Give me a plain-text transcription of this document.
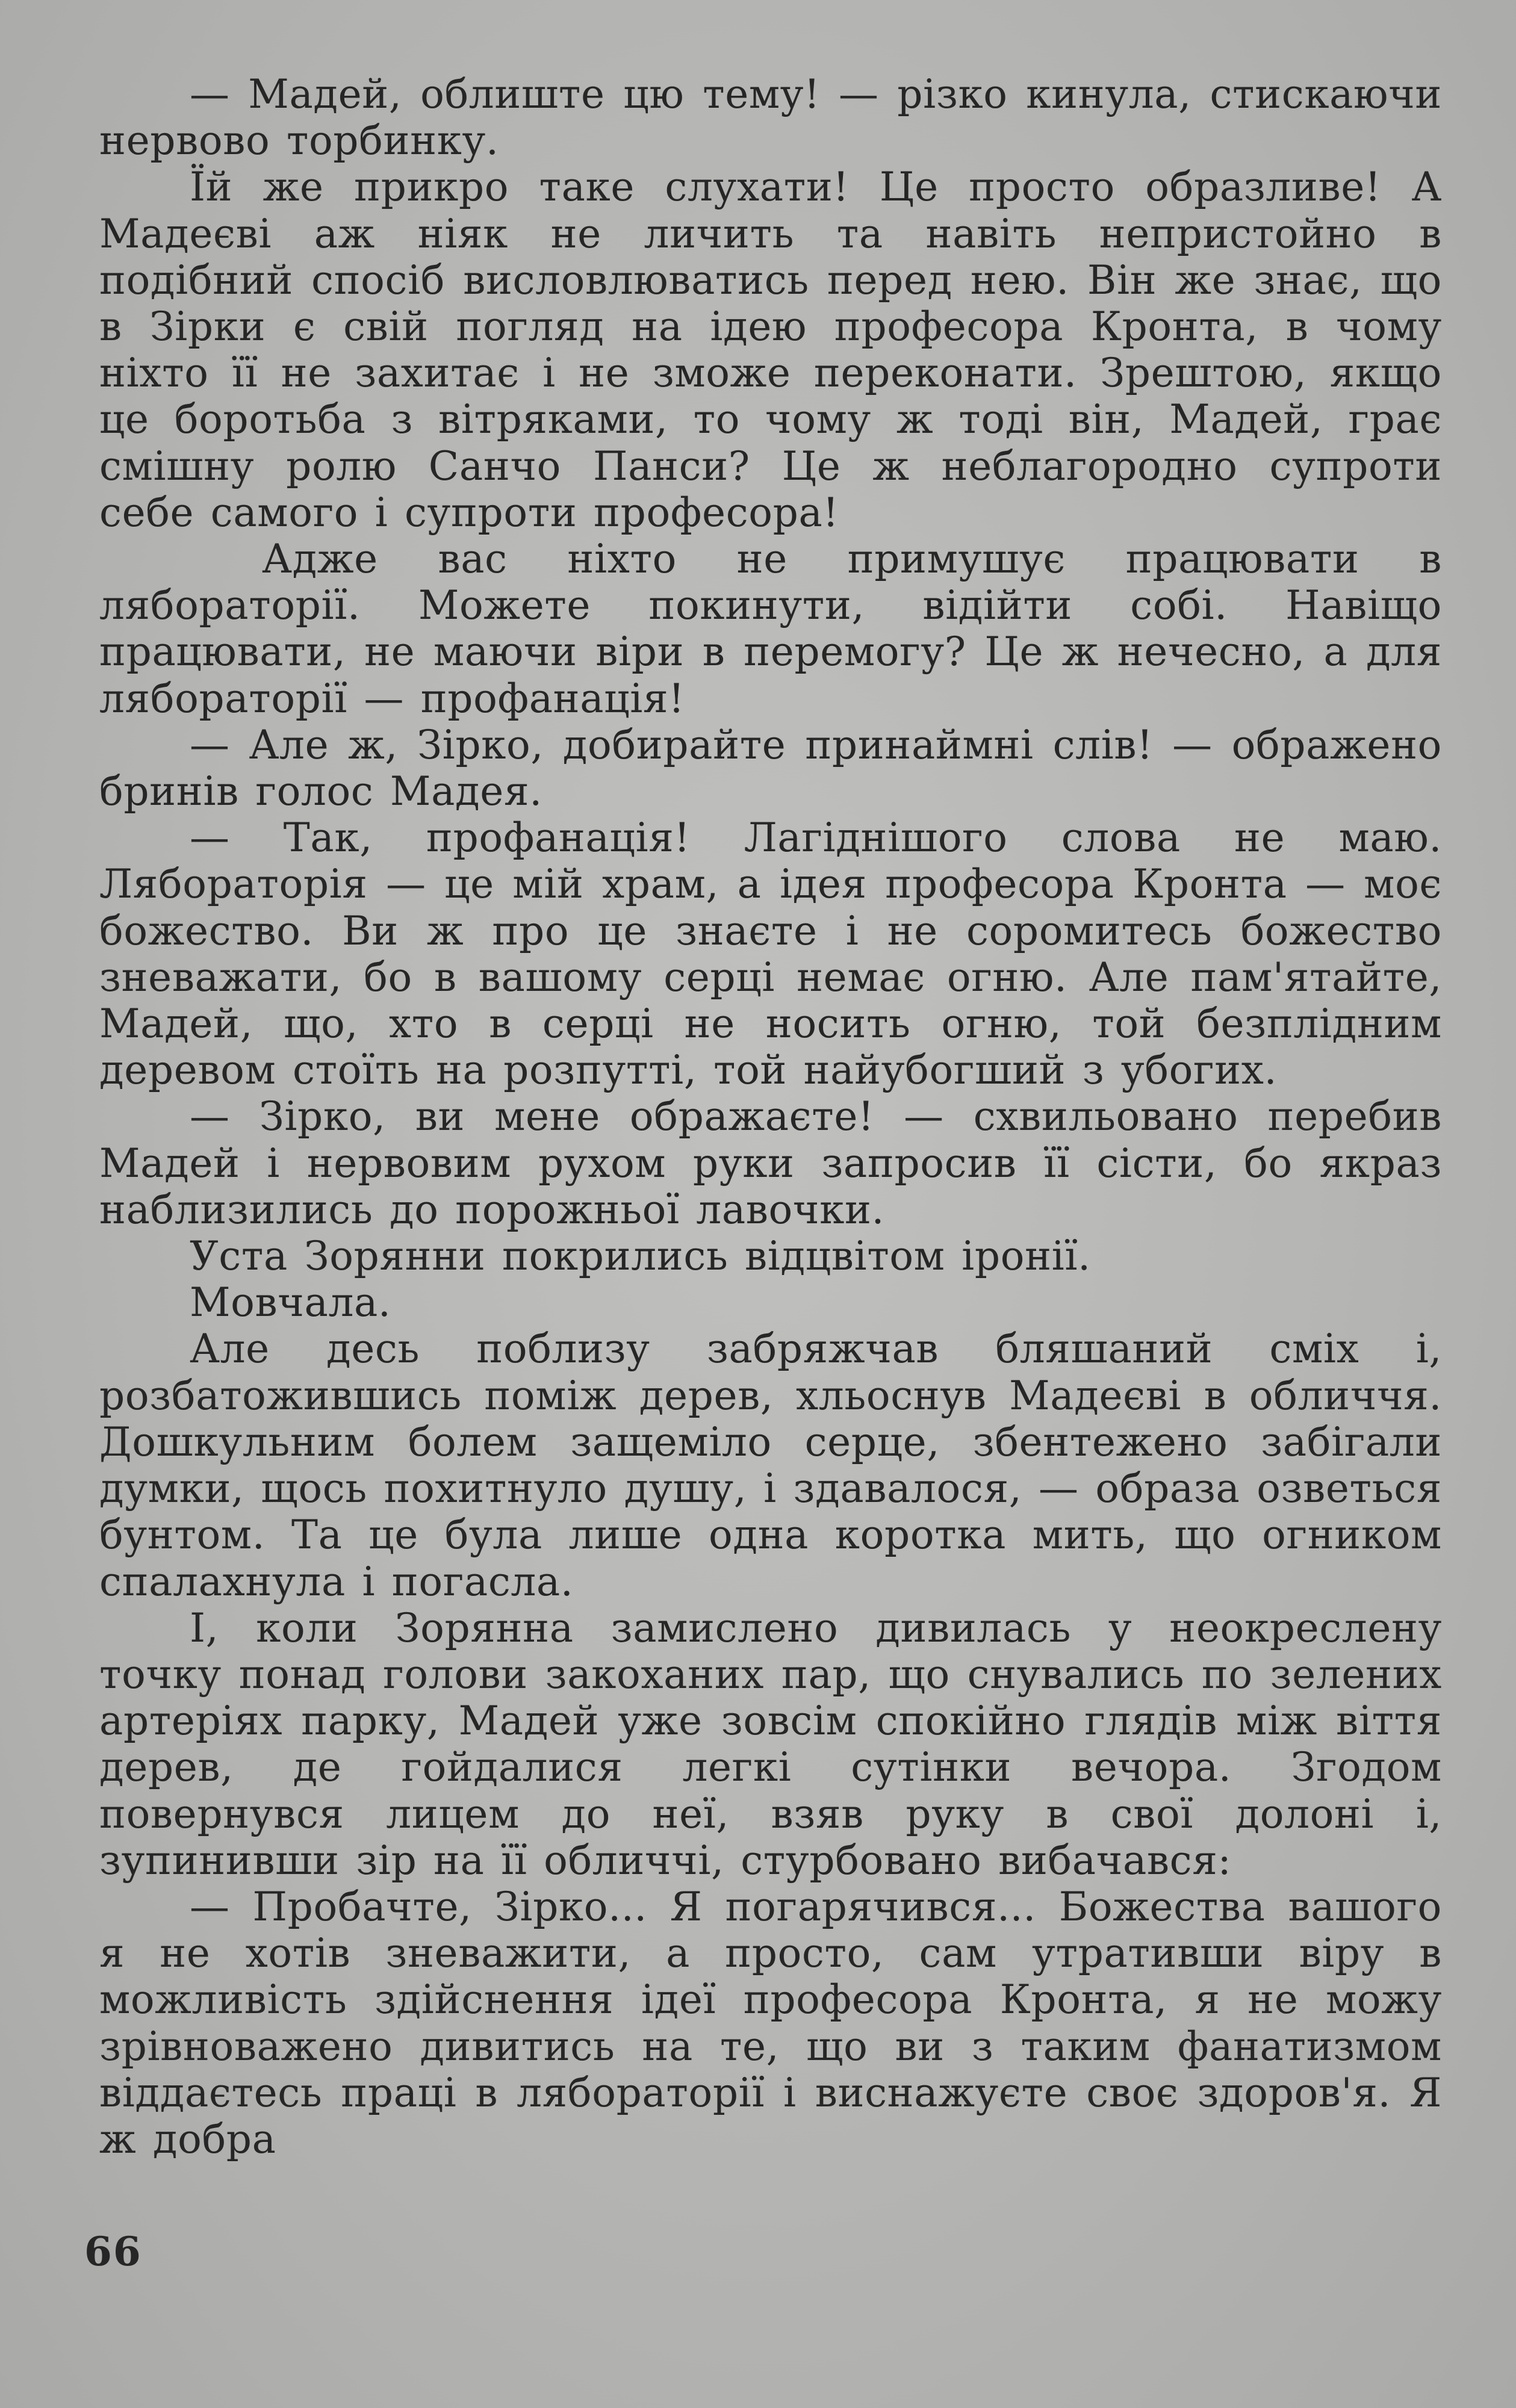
— Мадей, облиште цю тему! — різко кинула, стискаючи нервово торбинку.

Їй же прикро таке слухати! Це просто образливе! А Мадеєві аж ніяк не личить та навіть непристойно в подібний спосіб висловлюватись перед нею. Він же знає, що в Зірки є свій погляд на ідею професора Кронта, в чому ніхто її не захитає і не зможе переконати. Зрештою, якщо це боротьба з вітряками, то чому ж тоді він, Мадей, грає смішну ролю Санчо Панси? Це ж неблагородно супроти себе самого і супроти професора!

Адже вас ніхто не примушує працювати в лябораторії. Можете покинути, відійти собі. Навіщо працювати, не маючи віри в перемогу? Це ж нечесно, а для лябораторії — профанація!

— Але ж, Зірко, добирайте принаймні слів! — ображено бринів голос Мадея.

— Так, профанація! Лагіднішого слова не маю. Лябораторія — це мій храм, а ідея професора Кронта — моє божество. Ви ж про це знаєте і не соромитесь божество зневажати, бо в вашому серці немає огню. Але пам'ятайте, Мадей, що, хто в серці не носить огню, той безплідним деревом стоїть на розпутті, той найубогший з убогих.

— Зірко, ви мене ображаєте! — схвильовано перебив Мадей і нервовим рухом руки запросив її сісти, бо якраз наблизились до порожньої лавочки.

Уста Зорянни покрились відцвітом іронії.

Мовчала.

Але десь поблизу забряжчав бляшаний сміх і, розбатожившись поміж дерев, хльоснув Мадеєві в обличчя. Дошкульним болем защеміло серце, збентежено забігали думки, щось похитнуло душу, і здавалося, — образа озветься бунтом. Та це була лише одна коротка мить, що огником спалахнула і погасла.

І, коли Зорянна замислено дивилась у неокреслену точку понад голови закоханих пар, що снувались по зелених артеріях парку, Мадей уже зовсім спокійно глядів між віття дерев, де гойдалися легкі сутінки вечора. Згодом повернувся лицем до неї, взяв руку в свої долоні і, зупинивши зір на її обличчі, стурбовано вибачався:

— Пробачте, Зірко... Я погарячився... Божества вашого я не хотів зневажити, а просто, сам утративши віру в можливість здійснення ідеї професора Кронта, я не можу зрівноважено дивитись на те, що ви з таким фанатизмом віддаєтесь праці в лябораторії і виснажуєте своє здоров'я. Я ж добра

66
